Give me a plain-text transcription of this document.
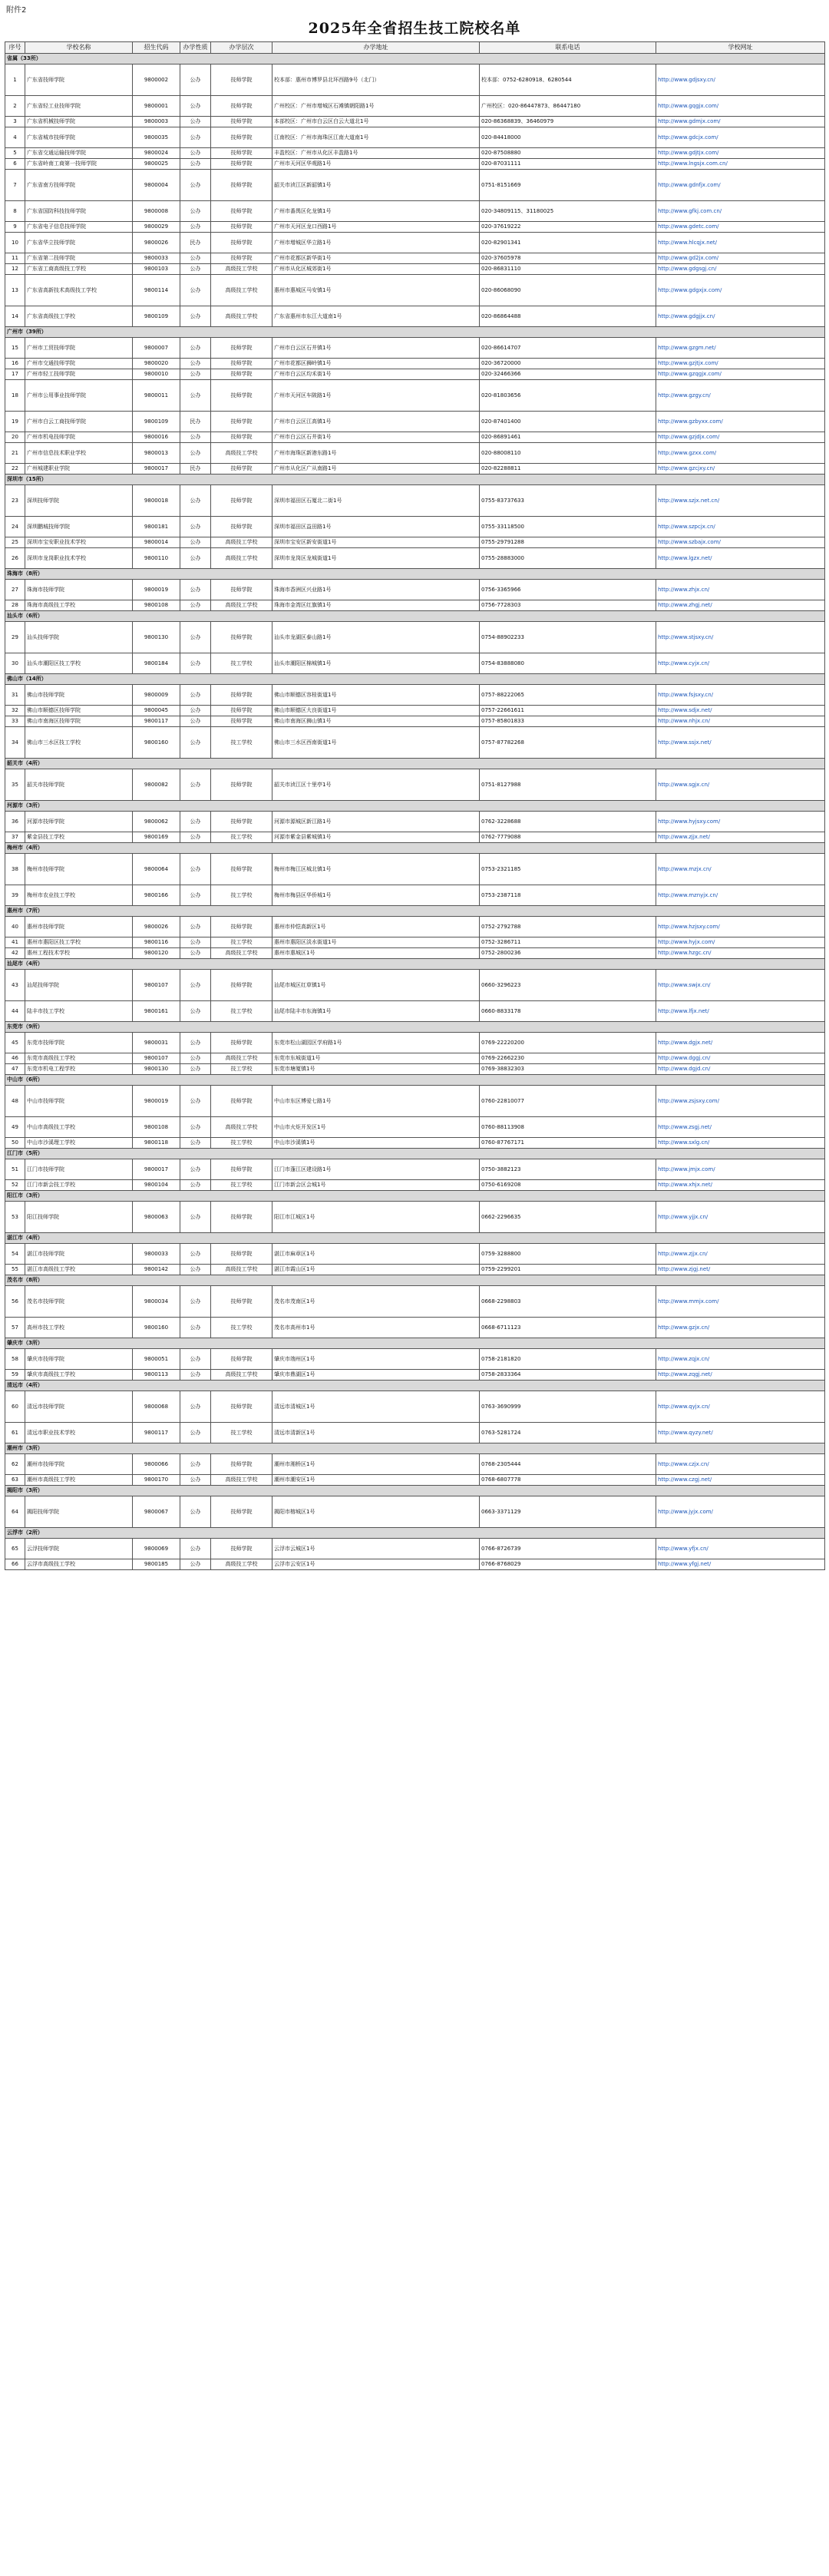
附件2
2025年全省招生技工院校名单
序号	学校名称	招生代码	办学性质	办学层次	办学地址	联系电话	学校网址
省属（33所）							
1	广东省技师学院	9800002	公办	技师学院	校本部：惠州市博罗县北环西路9号（北门）	校本部：0752-6280918、6280544	http://www.gdjsxy.cn/
2	广东省轻工业技师学院	9800001	公办	技师学院	广州校区：广州市增城区石滩镇朝阳路1号	广州校区：020-86447873、86447180	http://www.gqgjx.com/
3	广东省机械技师学院	9800003	公办	技师学院	本部校区：广州市白云区白云大道北1号	020-86368839、36460979	http://www.gdmjx.com/
4	广东省城市技师学院	9800035	公办	技师学院	江南校区：广州市海珠区江南大道南1号	020-84418000	http://www.gdcjx.com/
5	广东省交通运输技师学院	9800024	公办	技师学院	丰盈校区：广州市从化区丰盈路1号	020-87508880	http://www.gdjtjx.com/
6	广东省岭南工商第一技师学院	9800025	公办	技师学院	广州市天河区华观路1号	020-87031111	http://www.lngsjx.com.cn/
7	广东省南方技师学院	9800004	公办	技师学院	韶关市浈江区新韶镇1号	0751-8151669	http://www.gdnfjx.com/
8	广东省国防科技技师学院	9800008	公办	技师学院	广州市番禺区化龙镇1号	020-34809115、31180025	http://www.gfkj.com.cn/
9	广东省电子信息技师学院	9800029	公办	技师学院	广州市天河区龙口西路1号	020-37619222	http://www.gdetc.com/
10	广东省华立技师学院	9800026	民办	技师学院	广州市增城区华立路1号	020-82901341	http://www.hlcqjx.net/
11	广东省第二技师学院	9800033	公办	技师学院	广州市花都区新华街1号	020-37605978	http://www.gd2jx.com/
12	广东省工商高级技工学校	9800103	公办	高级技工学校	广州市从化区城郊街1号	020-86831110	http://www.gdgsgj.cn/
13	广东省高新技术高级技工学校	9800114	公办	高级技工学校	惠州市惠城区马安镇1号	020-86068090	http://www.gdgxjx.com/
14	广东省高级技工学校	9800109	公办	高级技工学校	广东省惠州市东江大道南1号	020-86864488	http://www.gdgjjx.cn/
广州市（39所）							
15	广州市工贸技师学院	9800007	公办	技师学院	广州市白云区石井镇1号	020-86614707	http://www.gzgm.net/
16	广州市交通技师学院	9800020	公办	技师学院	广州市花都区狮岭镇1号	020-36720000	http://www.gzjtjx.com/
17	广州市轻工技师学院	9800010	公办	技师学院	广州市白云区均禾街1号	020-32466366	http://www.gzqgjx.com/
18	广州市公用事业技师学院	9800011	公办	技师学院	广州市天河区车陂路1号	020-81803656	http://www.gzgy.cn/
19	广州市白云工商技师学院	9800109	民办	技师学院	广州市白云区江高镇1号	020-87401400	http://www.gzbyxx.com/
20	广州市机电技师学院	9800016	公办	技师学院	广州市白云区石井街1号	020-86891461	http://www.gzjdjx.com/
21	广州市信息技术职业学校	9800013	公办	高级技工学校	广州市海珠区新港东路1号	020-88008110	http://www.gzxx.com/
22	广州城建职业学院	9800017	民办	技师学院	广州市从化区广从南路1号	020-82288811	http://www.gzcjxy.cn/
深圳市（15所）							
23	深圳技师学院	9800018	公办	技师学院	深圳市福田区石厦北二街1号	0755-83737633	http://www.szjx.net.cn/
24	深圳鹏城技师学院	9800181	公办	技师学院	深圳市福田区益田路1号	0755-33118500	http://www.szpcjx.cn/
25	深圳市宝安职业技术学校	9800014	公办	高级技工学校	深圳市宝安区新安街道1号	0755-29791288	http://www.szbajx.com/
26	深圳市龙岗职业技术学校	9800110	公办	高级技工学校	深圳市龙岗区龙城街道1号	0755-28883000	http://www.lgzx.net/
珠海市（8所）							
27	珠海市技师学院	9800019	公办	技师学院	珠海市香洲区兴业路1号	0756-3365966	http://www.zhjx.cn/
28	珠海市高级技工学校	9800108	公办	高级技工学校	珠海市金湾区红旗镇1号	0756-7728303	http://www.zhgj.net/
汕头市（6所）							
29	汕头技师学院	9800130	公办	技师学院	汕头市龙湖区泰山路1号	0754-88902233	http://www.stjsxy.cn/
30	汕头市潮阳区技工学校	9800184	公办	技工学校	汕头市潮阳区棉城镇1号	0754-83888080	http://www.cyjx.cn/
佛山市（14所）							
31	佛山市技师学院	9800009	公办	技师学院	佛山市顺德区容桂街道1号	0757-88222065	http://www.fsjsxy.cn/
32	佛山市顺德区技师学院	9800045	公办	技师学院	佛山市顺德区大良街道1号	0757-22661611	http://www.sdjx.net/
33	佛山市南海区技师学院	9800117	公办	技师学院	佛山市南海区狮山镇1号	0757-85801833	http://www.nhjx.cn/
34	佛山市三水区技工学校	9800160	公办	技工学校	佛山市三水区西南街道1号	0757-87782268	http://www.ssjx.net/
韶关市（4所）							
35	韶关市技师学院	9800082	公办	技师学院	韶关市浈江区十里亭1号	0751-8127988	http://www.sgjx.cn/
河源市（3所）							
36	河源市技师学院	9800062	公办	技师学院	河源市源城区新江路1号	0762-3228688	http://www.hyjsxy.com/
37	紫金县技工学校	9800169	公办	技工学校	河源市紫金县紫城镇1号	0762-7779088	http://www.zjjx.net/
梅州市（4所）							
38	梅州市技师学院	9800064	公办	技师学院	梅州市梅江区城北镇1号	0753-2321185	http://www.mzjx.cn/
39	梅州市农业技工学校	9800166	公办	技工学校	梅州市梅县区华侨城1号	0753-2387118	http://www.mznyjx.cn/
惠州市（7所）							
40	惠州市技师学院	9800026	公办	技师学院	惠州市仲恺高新区1号	0752-2792788	http://www.hzjsxy.com/
41	惠州市惠阳区技工学校	9800116	公办	技工学校	惠州市惠阳区淡水街道1号	0752-3286711	http://www.hyjx.com/
42	惠州工程技术学校	9800120	公办	高级技工学校	惠州市惠城区1号	0752-2800236	http://www.hzgc.cn/
汕尾市（4所）							
43	汕尾技师学院	9800107	公办	技师学院	汕尾市城区红草镇1号	0660-3296223	http://www.swjx.cn/
44	陆丰市技工学校	9800161	公办	技工学校	汕尾市陆丰市东海镇1号	0660-8833178	http://www.lfjx.net/
东莞市（9所）							
45	东莞市技师学院	9800031	公办	技师学院	东莞市松山湖园区学府路1号	0769-22220200	http://www.dgjx.net/
46	东莞市高级技工学校	9800107	公办	高级技工学校	东莞市东城街道1号	0769-22662230	http://www.dggj.cn/
47	东莞市机电工程学校	9800130	公办	技工学校	东莞市塘厦镇1号	0769-38832303	http://www.dgjd.cn/
中山市（6所）							
48	中山市技师学院	9800019	公办	技师学院	中山市东区博爱七路1号	0760-22810077	http://www.zsjsxy.com/
49	中山市高级技工学校	9800108	公办	高级技工学校	中山市火炬开发区1号	0760-88113908	http://www.zsgj.net/
50	中山市沙溪理工学校	9800118	公办	技工学校	中山市沙溪镇1号	0760-87767171	http://www.sxlg.cn/
江门市（5所）							
51	江门市技师学院	9800017	公办	技师学院	江门市蓬江区建设路1号	0750-3882123	http://www.jmjx.com/
52	江门市新会技工学校	9800104	公办	技工学校	江门市新会区会城1号	0750-6169208	http://www.xhjx.net/
阳江市（3所）							
53	阳江技师学院	9800063	公办	技师学院	阳江市江城区1号	0662-2296635	http://www.yjjx.cn/
湛江市（4所）							
54	湛江市技师学院	9800033	公办	技师学院	湛江市麻章区1号	0759-3288800	http://www.zjjx.cn/
55	湛江市高级技工学校	9800142	公办	高级技工学校	湛江市霞山区1号	0759-2299201	http://www.zjgj.net/
茂名市（8所）							
56	茂名市技师学院	9800034	公办	技师学院	茂名市茂南区1号	0668-2298803	http://www.mmjx.com/
57	高州市技工学校	9800160	公办	技工学校	茂名市高州市1号	0668-6711123	http://www.gzjx.cn/
肇庆市（3所）							
58	肇庆市技师学院	9800051	公办	技师学院	肇庆市端州区1号	0758-2181820	http://www.zqjx.cn/
59	肇庆市高级技工学校	9800113	公办	高级技工学校	肇庆市鼎湖区1号	0758-2833364	http://www.zqgj.net/
清远市（4所）							
60	清远市技师学院	9800068	公办	技师学院	清远市清城区1号	0763-3690999	http://www.qyjx.cn/
61	清远市职业技术学校	9800117	公办	技工学校	清远市清新区1号	0763-5281724	http://www.qyzy.net/
潮州市（3所）							
62	潮州市技师学院	9800066	公办	技师学院	潮州市湘桥区1号	0768-2305444	http://www.czjx.cn/
63	潮州市高级技工学校	9800170	公办	高级技工学校	潮州市潮安区1号	0768-6807778	http://www.czgj.net/
揭阳市（3所）							
64	揭阳技师学院	9800067	公办	技师学院	揭阳市榕城区1号	0663-3371129	http://www.jyjx.com/
云浮市（2所）							
65	云浮技师学院	9800069	公办	技师学院	云浮市云城区1号	0766-8726739	http://www.yfjx.cn/
66	云浮市高级技工学校	9800185	公办	高级技工学校	云浮市云安区1号	0766-8768029	http://www.yfgj.net/
